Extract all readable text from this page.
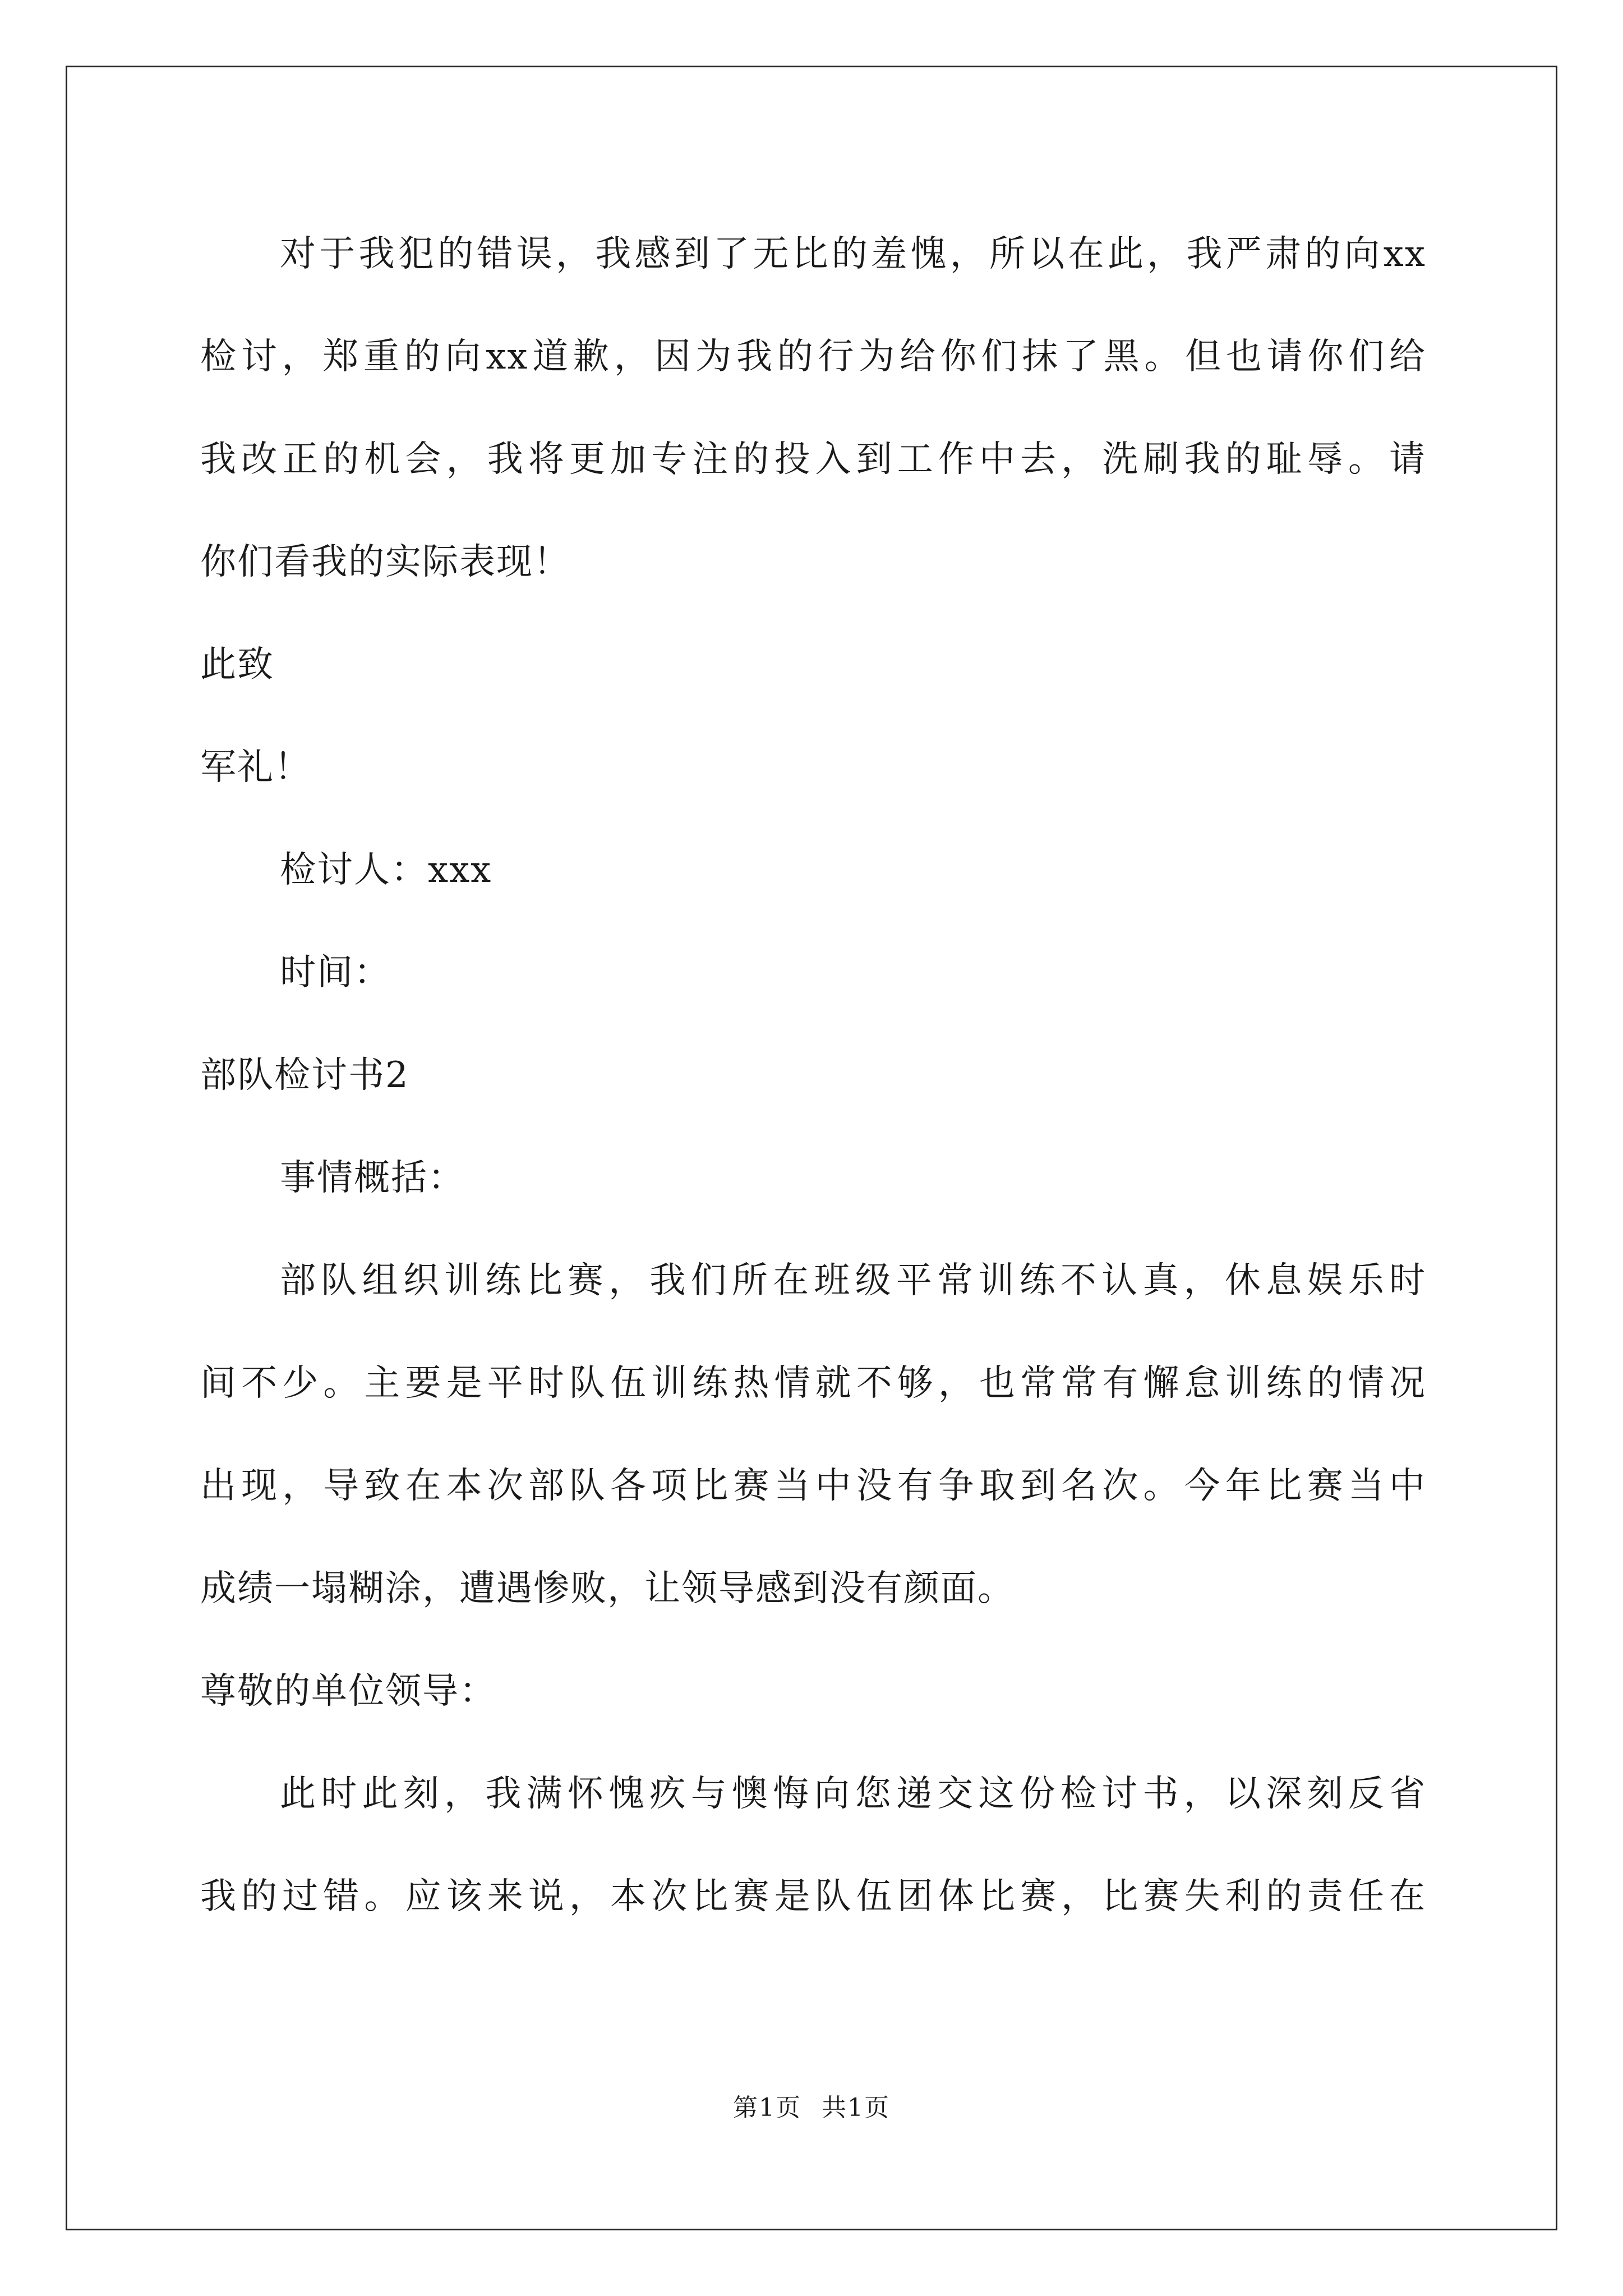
对于我犯的错误，我感到了无比的羞愧，所以在此，我严肃的向xx
检讨，郑重的向xx道歉，因为我的行为给你们抹了黑。但也请你们给
我改正的机会，我将更加专注的投入到工作中去，洗刷我的耻辱。请
你们看我的实际表现！
此致
军礼！
检讨人：xxx
时间：
部队检讨书2
事情概括：
部队组织训练比赛，我们所在班级平常训练不认真，休息娱乐时
间不少。主要是平时队伍训练热情就不够，也常常有懈怠训练的情况
出现，导致在本次部队各项比赛当中没有争取到名次。今年比赛当中
成绩一塌糊涂，遭遇惨败，让领导感到没有颜面。
尊敬的单位领导：
此时此刻，我满怀愧疚与懊悔向您递交这份检讨书，以深刻反省
我的过错。应该来说，本次比赛是队伍团体比赛，比赛失利的责任在
第1页 共1页
